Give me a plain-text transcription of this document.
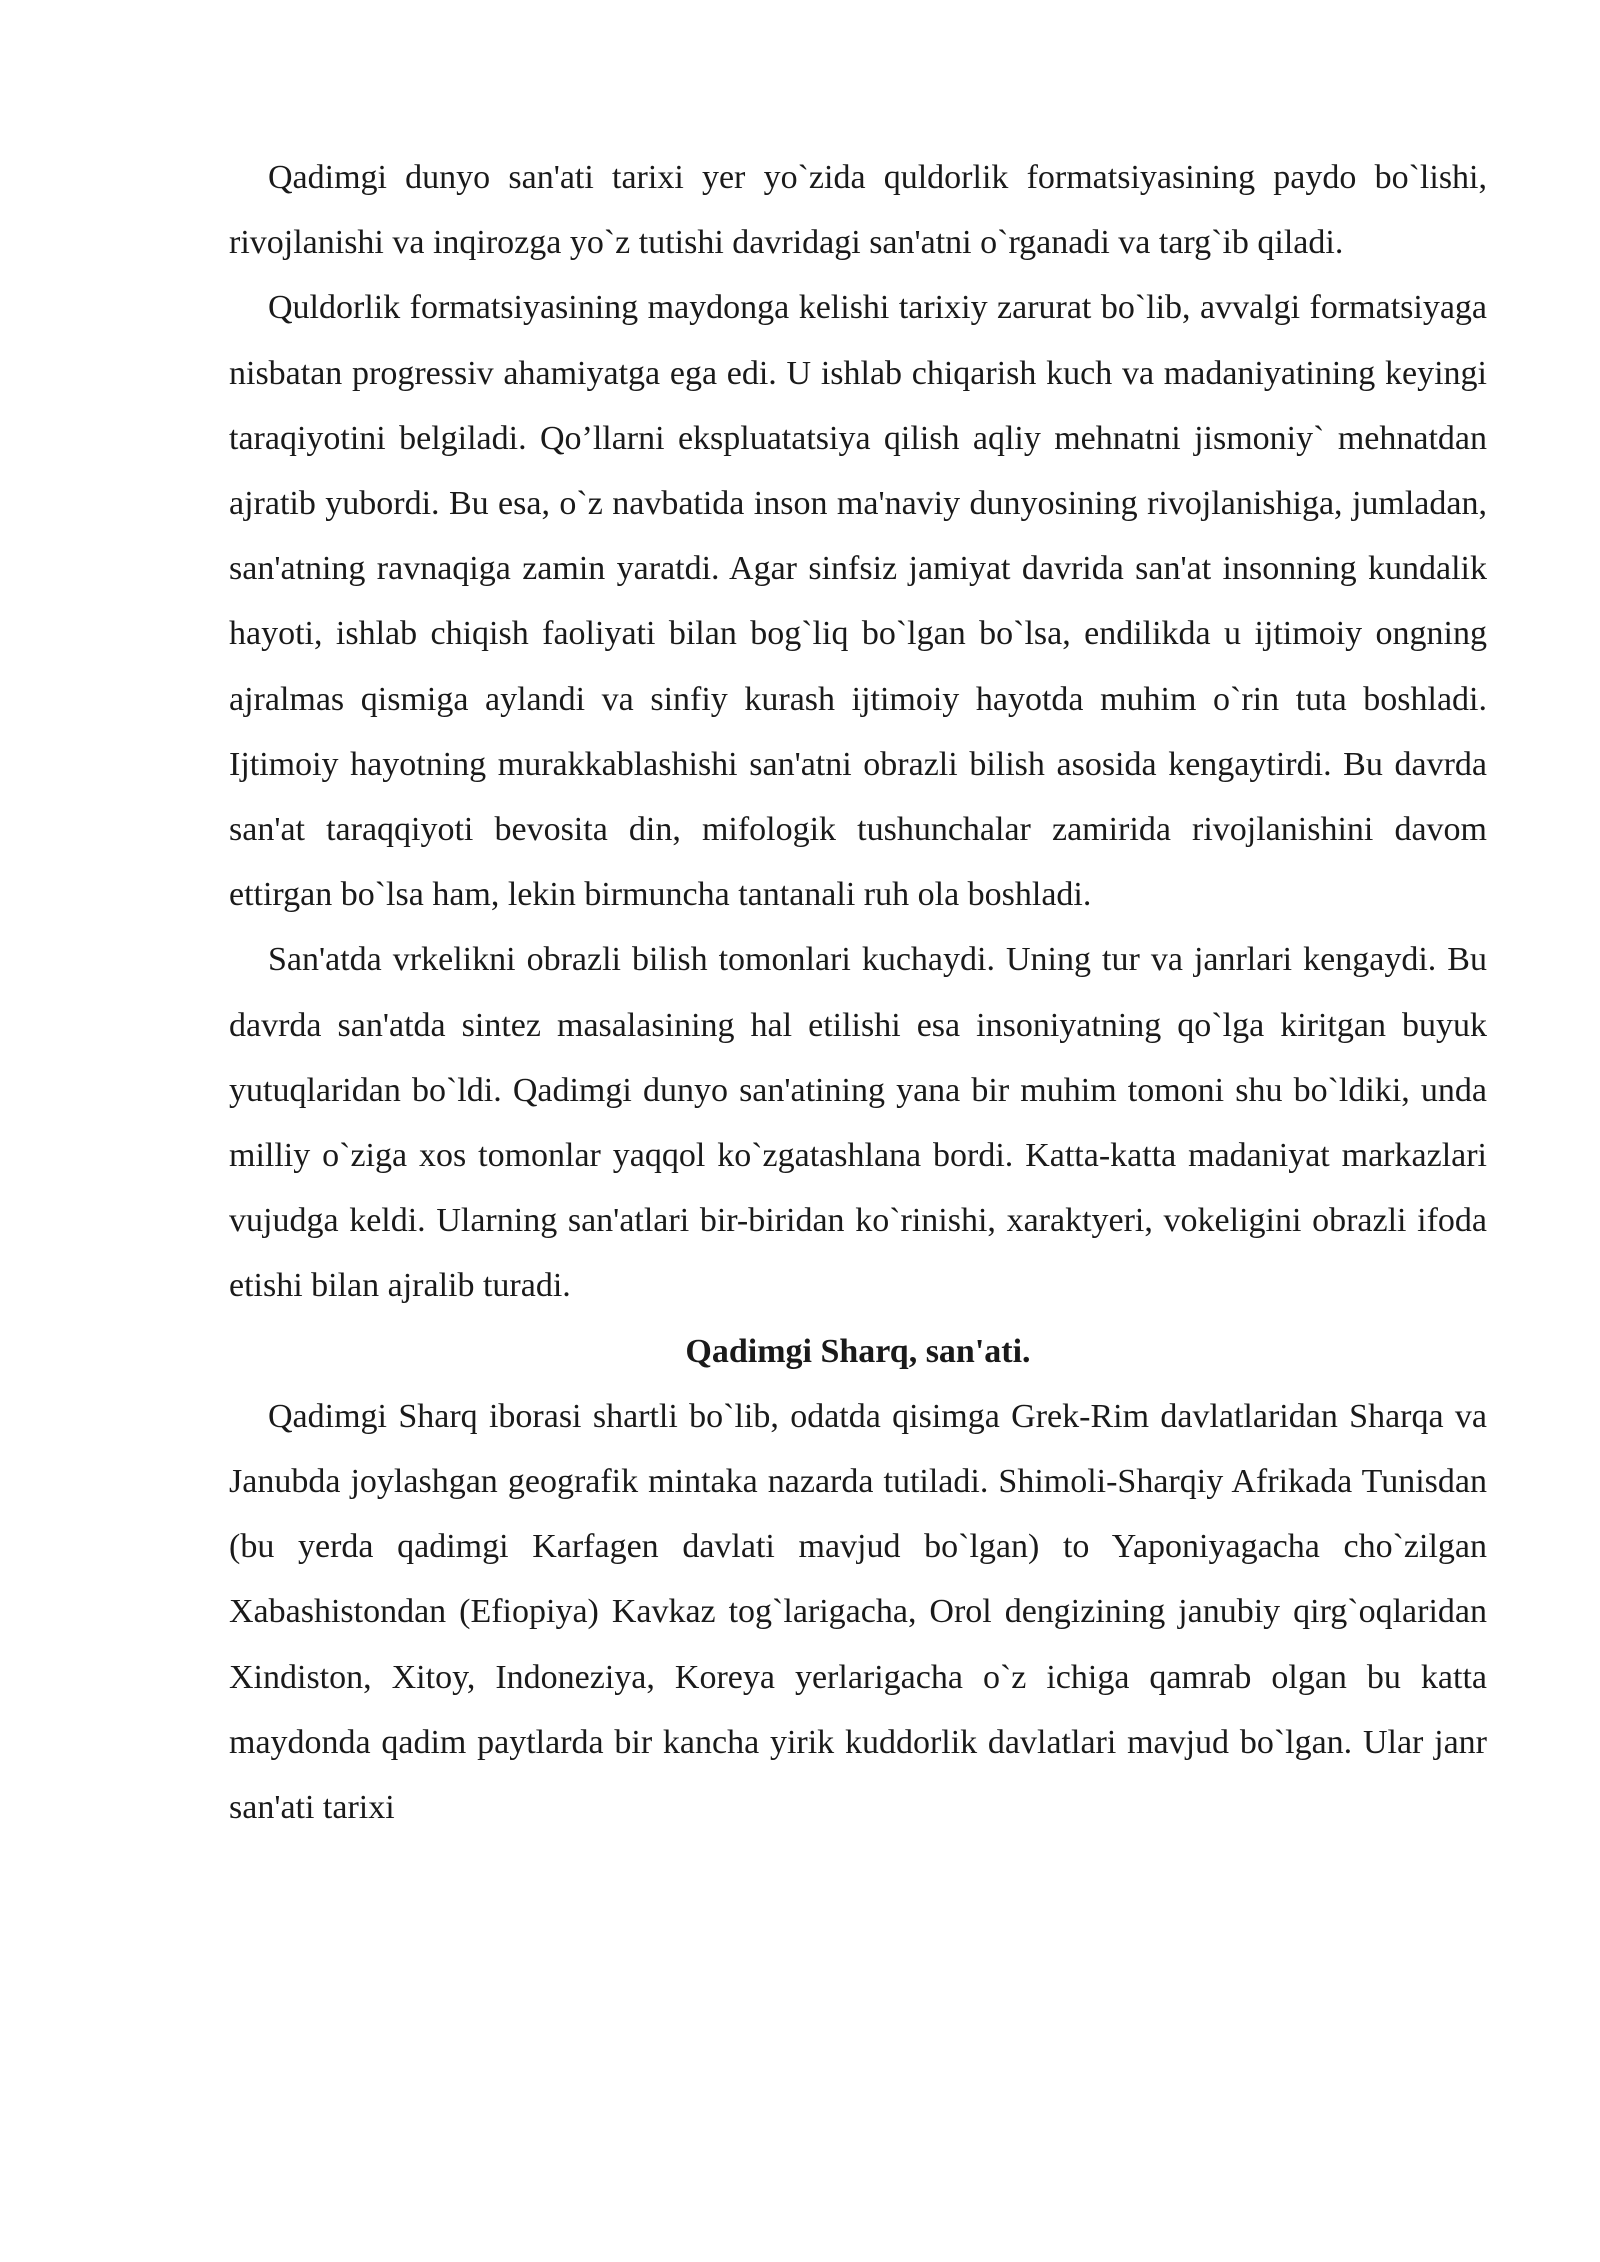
Qadimgi dunyo san'ati tarixi yer yo`zida quldorlik formatsiyasining paydo bo`lishi, rivojlanishi va inqirozga yo`z tutishi davridagi san'atni o`rganadi va targ`ib qiladi.

Quldorlik formatsiyasining maydonga kelishi tarixiy zarurat bo`lib, avvalgi formatsiyaga nisbatan progressiv ahamiyatga ega edi. U ishlab chiqarish kuch va madaniyatining keyingi taraqiyotini belgiladi. Qo’llarni ekspluatatsiya qilish aqliy mehnatni jismoniy` mehnatdan ajratib yubordi. Bu esa, o`z navbatida inson ma'naviy dunyosining rivojlanishiga, jumladan, san'atning ravnaqiga zamin yaratdi. Agar sinfsiz jamiyat davrida san'at insonning kundalik hayoti, ishlab chiqish faoliyati bilan bog`liq bo`lgan bo`lsa, endilikda u ijtimoiy ongning ajralmas qismiga aylandi va sinfiy kurash ijtimoiy hayotda muhim o`rin tuta boshladi. Ijtimoiy hayotning murakkablashishi san'atni obrazli bilish asosida kengaytirdi. Bu davrda san'at taraqqiyoti bevosita din, mifologik tushunchalar zamirida rivojlanishini davom ettirgan bo`lsa ham, lekin birmuncha tantanali ruh ola boshladi.

San'atda vrkelikni obrazli bilish tomonlari kuchaydi. Uning tur va janrlari kengaydi. Bu davrda san'atda sintez masalasining hal etilishi esa insoniyatning qo`lga kiritgan buyuk yutuqlaridan bo`ldi. Qadimgi dunyo san'atining yana bir muhim tomoni shu bo`ldiki, unda milliy o`ziga xos tomonlar yaqqol ko`zgatashlana bordi. Katta-katta madaniyat markazlari vujudga keldi. Ularning san'atlari bir-biridan ko`rinishi, xaraktyeri, vokeligini obrazli ifoda etishi bilan ajralib turadi.

Qadimgi Sharq, san'ati.

Qadimgi Sharq iborasi shartli bo`lib, odatda qisimga Grek-Rim davlatlaridan Sharqa va Janubda joylashgan geografik mintaka nazarda tutiladi. Shimoli-Sharqiy Afrikada Tunisdan (bu yerda qadimgi Karfagen davlati mavjud bo`lgan) to Yaponiyagacha cho`zilgan Xabashistondan (Efiopiya) Kavkaz tog`larigacha, Orol dengizining janubiy qirg`oqlaridan Xindiston, Xitoy, Indoneziya, Koreya yerlarigacha o`z ichiga qamrab olgan bu katta maydonda qadim paytlarda bir kancha yirik kuddorlik davlatlari mavjud bo`lgan. Ular janr san'ati tarixi
